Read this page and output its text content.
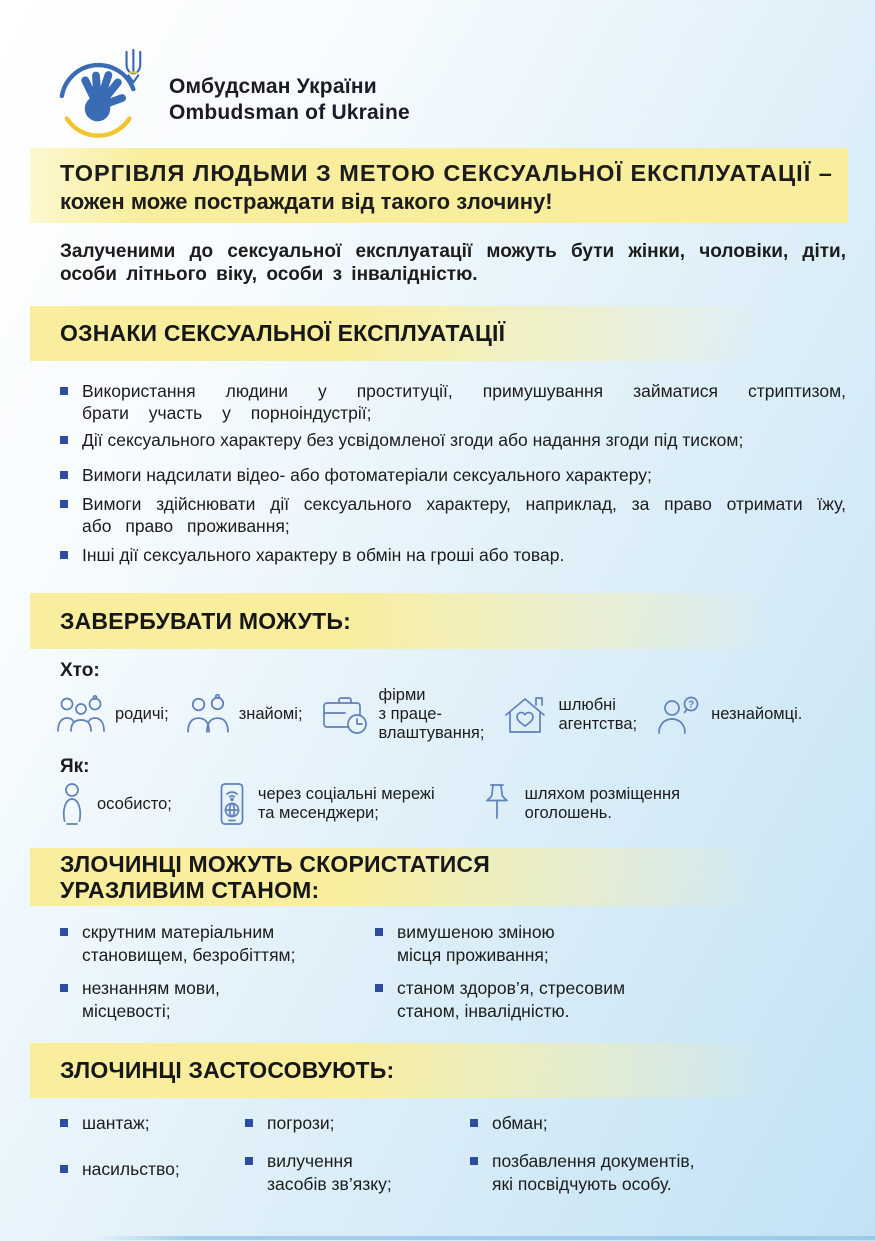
Омбудсман України
Ombudsman of Ukraine
ТОРГІВЛЯ ЛЮДЬМИ З МЕТОЮ СЕКСУАЛЬНОЇ ЕКСПЛУАТАЦІЇ –
кожен може постраждати від такого злочину!
Залученими до сексуальної експлуатації можуть бути жінки, чоловіки, діти, особи літнього віку, особи з інвалідністю.
ОЗНАКИ СЕКСУАЛЬНОЇ ЕКСПЛУАТАЦІЇ
Використання людини у проституції, примушування займатися стриптизом, брати участь у порноіндустрії;
Дії сексуального характеру без усвідомленої згоди або надання згоди під тиском;
Вимоги надсилати відео- або фотоматеріали сексуального характеру;
Вимоги здійснювати дії сексуального характеру, наприклад, за право отримати їжу, або право проживання;
Інші дії сексуального характеру в обмін на гроші або товар.
ЗАВЕРБУВАТИ МОЖУТЬ:
Хто:
родичі;	знайомі;
фірми
з праце-
влаштування;
шлюбні
агентства;
?
незнайомці.
Як:
особисто;
через соціальні мережі
та месенджери;
шляхом розміщення
оголошень.
ЗЛОЧИНЦІ МОЖУТЬ СКОРИСТАТИСЯ
УРАЗЛИВИМ СТАНОМ:
скрутним матеріальним
становищем, безробіттям;
незнанням мови,
місцевості;
вимушеною зміною
місця проживання;
станом здоров’я, стресовим
станом, інвалідністю.
ЗЛОЧИНЦІ ЗАСТОСОВУЮТЬ:
шантаж;	погрози;	обман;
насильство;	вилучення
засобів зв’язку;
позбавлення документів,
які посвідчують особу.
